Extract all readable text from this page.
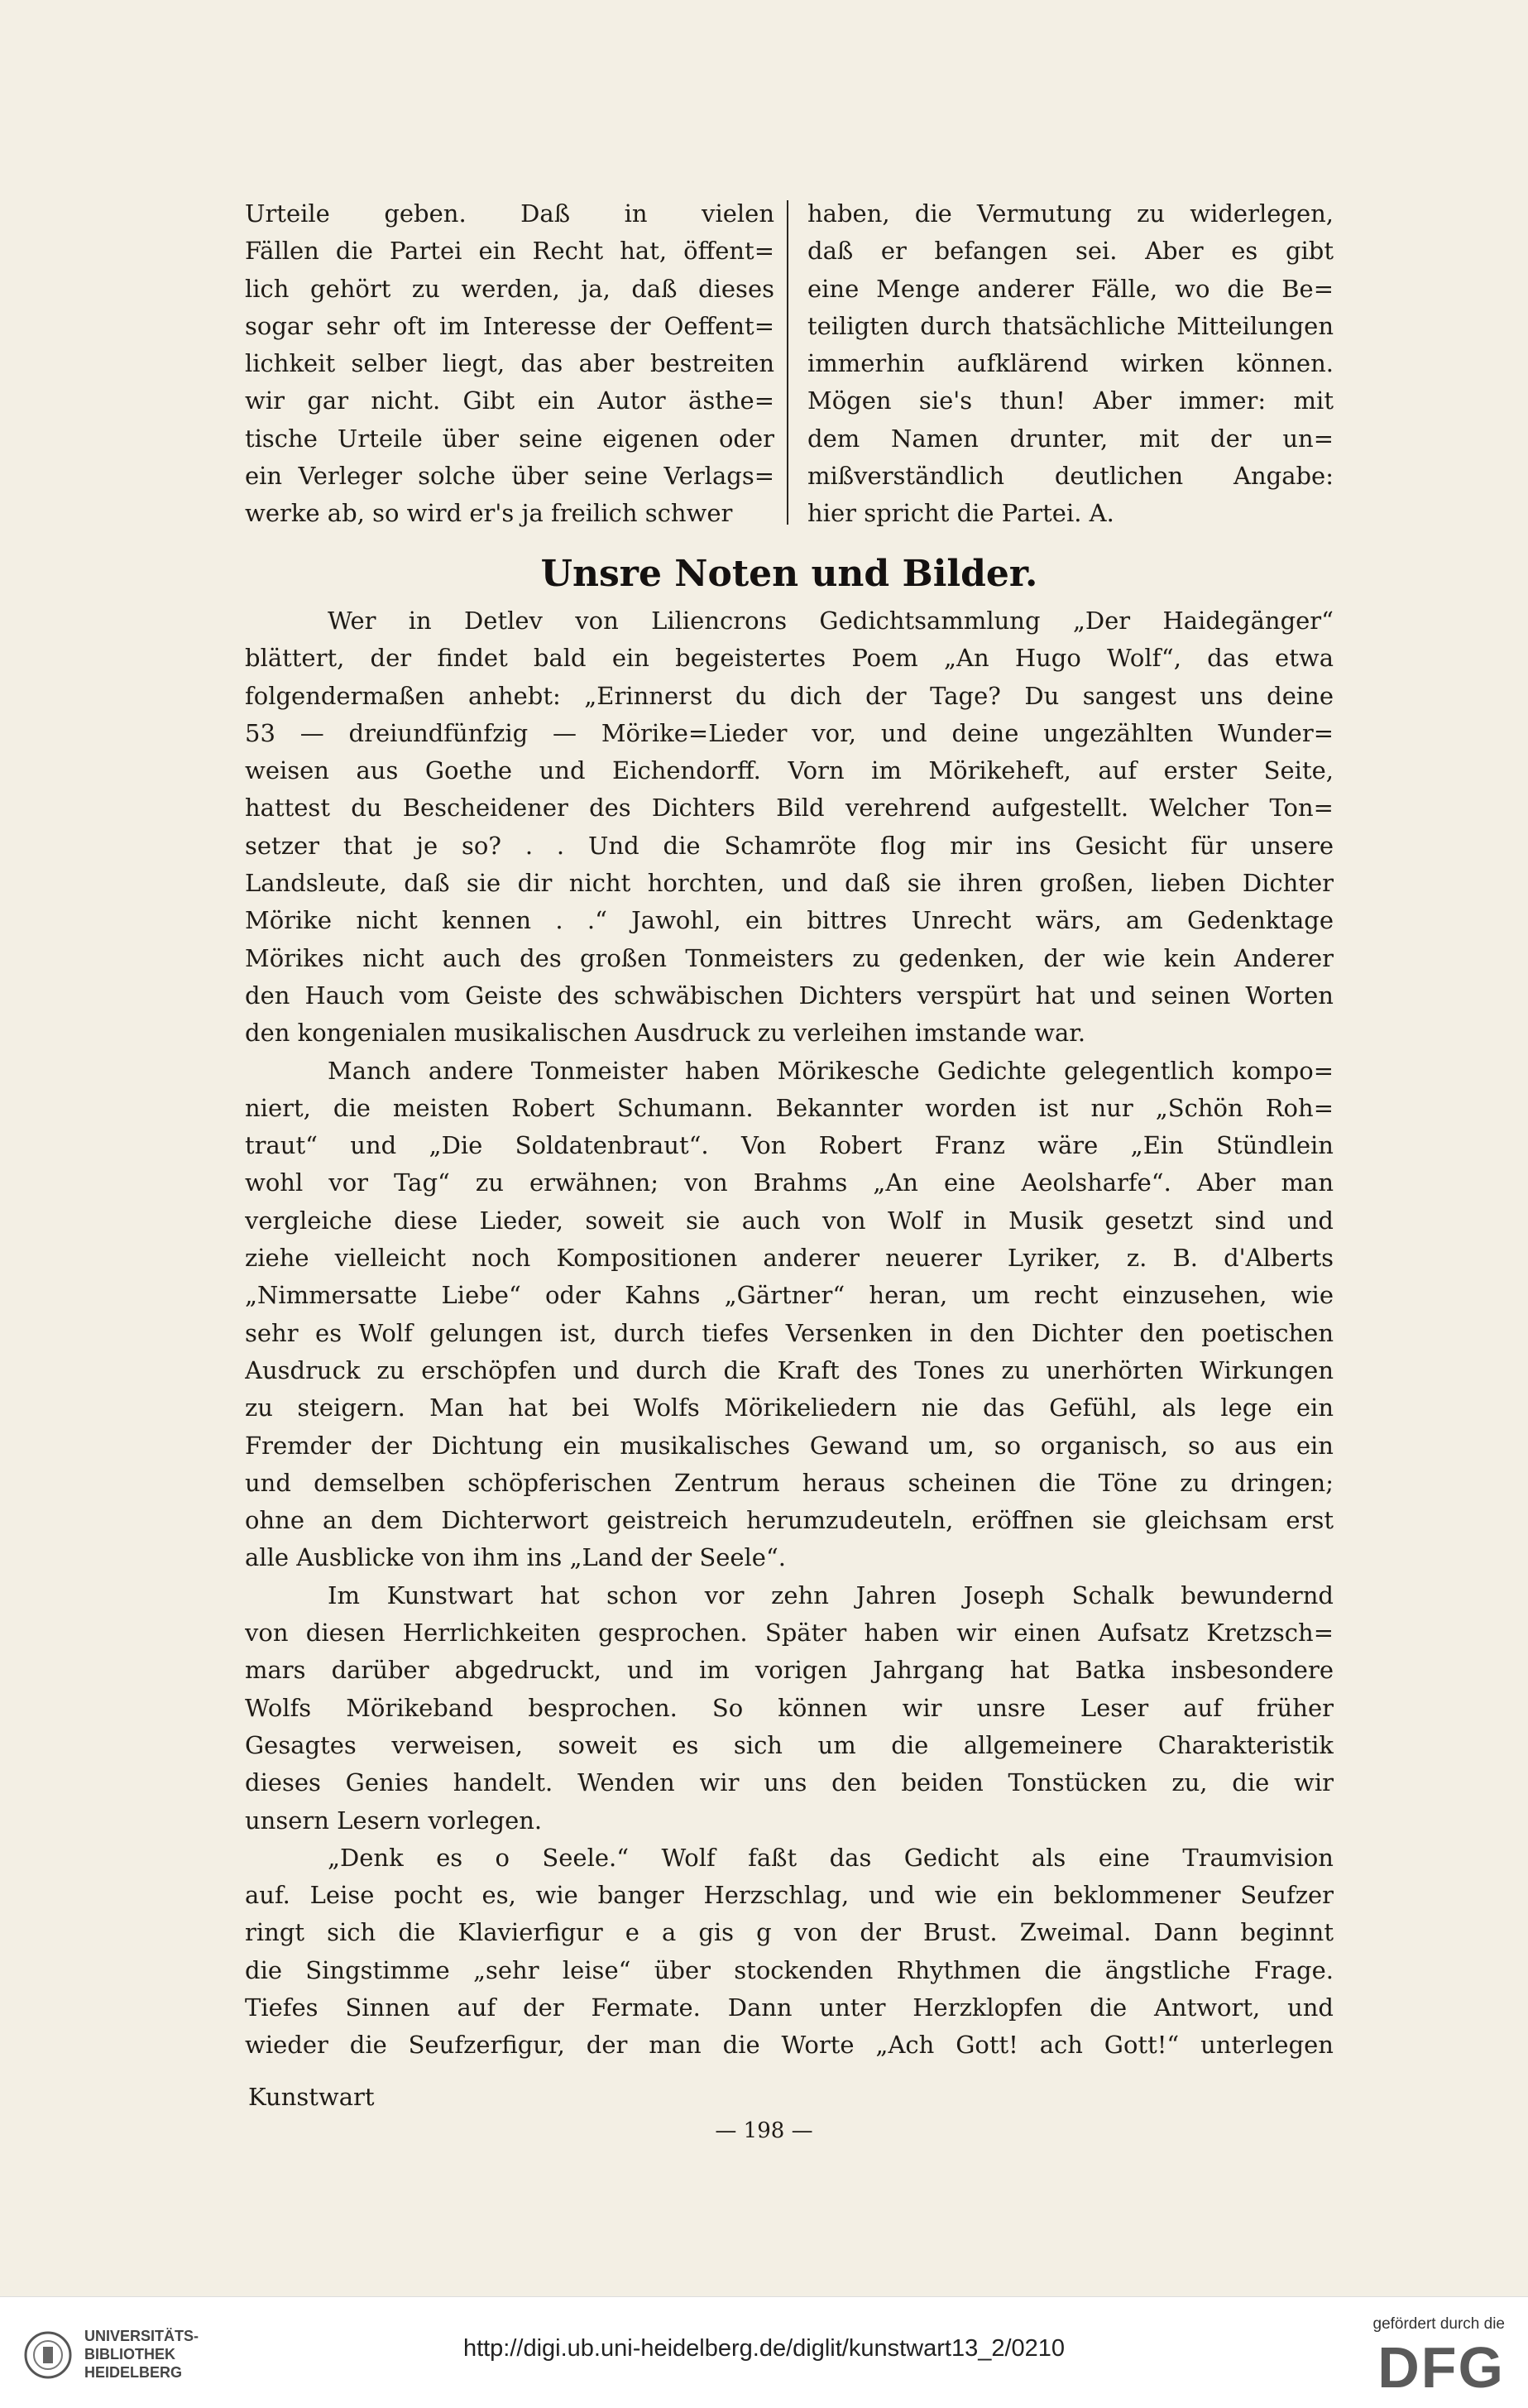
Urteile geben. Daß in vielen
Fällen die Partei ein Recht hat, öffent=
lich gehört zu werden, ja, daß dieses
sogar sehr oft im Interesse der Oeffent=
lichkeit selber liegt, das aber bestreiten
wir gar nicht. Gibt ein Autor ästhe=
tische Urteile über seine eigenen oder
ein Verleger solche über seine Verlags=
werke ab, so wird er's ja freilich schwer
haben, die Vermutung zu widerlegen,
daß er befangen sei. Aber es gibt
eine Menge anderer Fälle, wo die Be=
teiligten durch thatsächliche Mitteilungen
immerhin aufklärend wirken können.
Mögen sie's thun! Aber immer: mit
dem Namen drunter, mit der un=
mißverständlich deutlichen Angabe:
hier spricht die Partei. A.
Unsre Noten und Bilder.
Wer in Detlev von Liliencrons Gedichtsammlung „Der Haidegänger“
blättert, der findet bald ein begeistertes Poem „An Hugo Wolf“, das etwa
folgendermaßen anhebt: „Erinnerst du dich der Tage? Du sangest uns deine
53 — dreiundfünfzig — Mörike=Lieder vor, und deine ungezählten Wunder=
weisen aus Goethe und Eichendorff. Vorn im Mörikeheft, auf erster Seite,
hattest du Bescheidener des Dichters Bild verehrend aufgestellt. Welcher Ton=
setzer that je so? . . Und die Schamröte flog mir ins Gesicht für unsere
Landsleute, daß sie dir nicht horchten, und daß sie ihren großen, lieben Dichter
Mörike nicht kennen . .“ Jawohl, ein bittres Unrecht wärs, am Gedenktage
Mörikes nicht auch des großen Tonmeisters zu gedenken, der wie kein Anderer
den Hauch vom Geiste des schwäbischen Dichters verspürt hat und seinen Worten
den kongenialen musikalischen Ausdruck zu verleihen imstande war.
Manch andere Tonmeister haben Mörikesche Gedichte gelegentlich kompo=
niert, die meisten Robert Schumann. Bekannter worden ist nur „Schön Roh=
traut“ und „Die Soldatenbraut“. Von Robert Franz wäre „Ein Stündlein
wohl vor Tag“ zu erwähnen; von Brahms „An eine Aeolsharfe“. Aber man
vergleiche diese Lieder, soweit sie auch von Wolf in Musik gesetzt sind und
ziehe vielleicht noch Kompositionen anderer neuerer Lyriker, z. B. d'Alberts
„Nimmersatte Liebe“ oder Kahns „Gärtner“ heran, um recht einzusehen, wie
sehr es Wolf gelungen ist, durch tiefes Versenken in den Dichter den poetischen
Ausdruck zu erschöpfen und durch die Kraft des Tones zu unerhörten Wirkungen
zu steigern. Man hat bei Wolfs Mörikeliedern nie das Gefühl, als lege ein
Fremder der Dichtung ein musikalisches Gewand um, so organisch, so aus ein
und demselben schöpferischen Zentrum heraus scheinen die Töne zu dringen;
ohne an dem Dichterwort geistreich herumzudeuteln, eröffnen sie gleichsam erst
alle Ausblicke von ihm ins „Land der Seele“.
Im Kunstwart hat schon vor zehn Jahren Joseph Schalk bewundernd
von diesen Herrlichkeiten gesprochen. Später haben wir einen Aufsatz Kretzsch=
mars darüber abgedruckt, und im vorigen Jahrgang hat Batka insbesondere
Wolfs Mörikeband besprochen. So können wir unsre Leser auf früher
Gesagtes verweisen, soweit es sich um die allgemeinere Charakteristik
dieses Genies handelt. Wenden wir uns den beiden Tonstücken zu, die wir
unsern Lesern vorlegen.
„Denk es o Seele.“ Wolf faßt das Gedicht als eine Traumvision
auf. Leise pocht es, wie banger Herzschlag, und wie ein beklommener Seufzer
ringt sich die Klavierfigur e a gis g von der Brust. Zweimal. Dann beginnt
die Singstimme „sehr leise“ über stockenden Rhythmen die ängstliche Frage.
Tiefes Sinnen auf der Fermate. Dann unter Herzklopfen die Antwort, und
wieder die Seufzerfigur, der man die Worte „Ach Gott! ach Gott!“ unterlegen
Kunstwart
— 198 —
UNIVERSITÄTS-
BIBLIOTHEK
HEIDELBERG
http://digi.ub.uni-heidelberg.de/diglit/kunstwart13_2/0210
gefördert durch die
DFG
